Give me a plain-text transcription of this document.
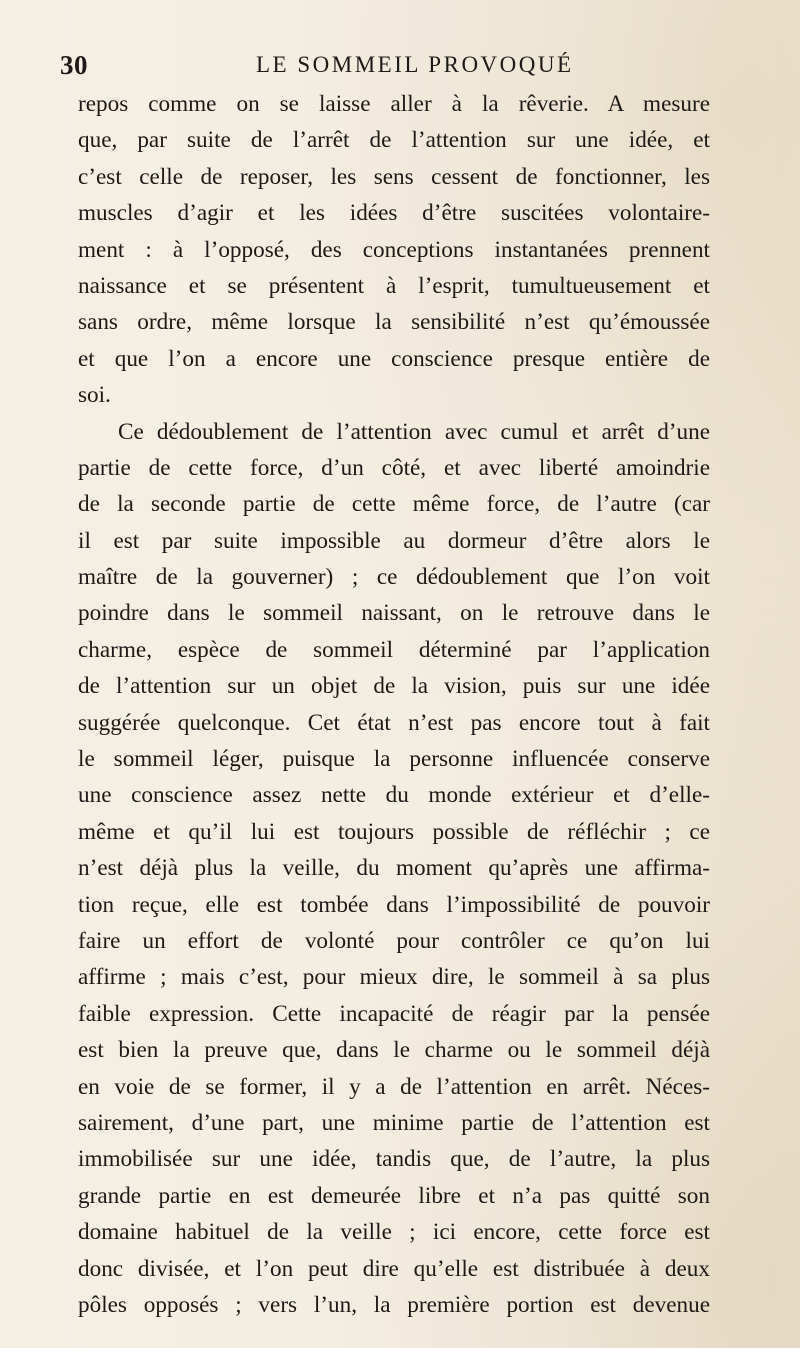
30	LE SOMMEIL PROVOQUÉ
repos comme on se laisse aller à la rêverie. A mesure
que, par suite de l’arrêt de l’attention sur une idée, et
c’est celle de reposer, les sens cessent de fonctionner, les
muscles d’agir et les idées d’être suscitées volontaire-
ment : à l’opposé, des conceptions instantanées prennent
naissance et se présentent à l’esprit, tumultueusement et
sans ordre, même lorsque la sensibilité n’est qu’émoussée
et que l’on a encore une conscience presque entière de
soi.
Ce dédoublement de l’attention avec cumul et arrêt d’une
partie de cette force, d’un côté, et avec liberté amoindrie
de la seconde partie de cette même force, de l’autre (car
il est par suite impossible au dormeur d’être alors le
maître de la gouverner) ; ce dédoublement que l’on voit
poindre dans le sommeil naissant, on le retrouve dans le
charme, espèce de sommeil déterminé par l’application
de l’attention sur un objet de la vision, puis sur une idée
suggérée quelconque. Cet état n’est pas encore tout à fait
le sommeil léger, puisque la personne influencée conserve
une conscience assez nette du monde extérieur et d’elle-
même et qu’il lui est toujours possible de réfléchir ; ce
n’est déjà plus la veille, du moment qu’après une affirma-
tion reçue, elle est tombée dans l’impossibilité de pouvoir
faire un effort de volonté pour contrôler ce qu’on lui
affirme ; mais c’est, pour mieux dire, le sommeil à sa plus
faible expression. Cette incapacité de réagir par la pensée
est bien la preuve que, dans le charme ou le sommeil déjà
en voie de se former, il y a de l’attention en arrêt. Néces-
sairement, d’une part, une minime partie de l’attention est
immobilisée sur une idée, tandis que, de l’autre, la plus
grande partie en est demeurée libre et n’a pas quitté son
domaine habituel de la veille ; ici encore, cette force est
donc divisée, et l’on peut dire qu’elle est distribuée à deux
pôles opposés ; vers l’un, la première portion est devenue
